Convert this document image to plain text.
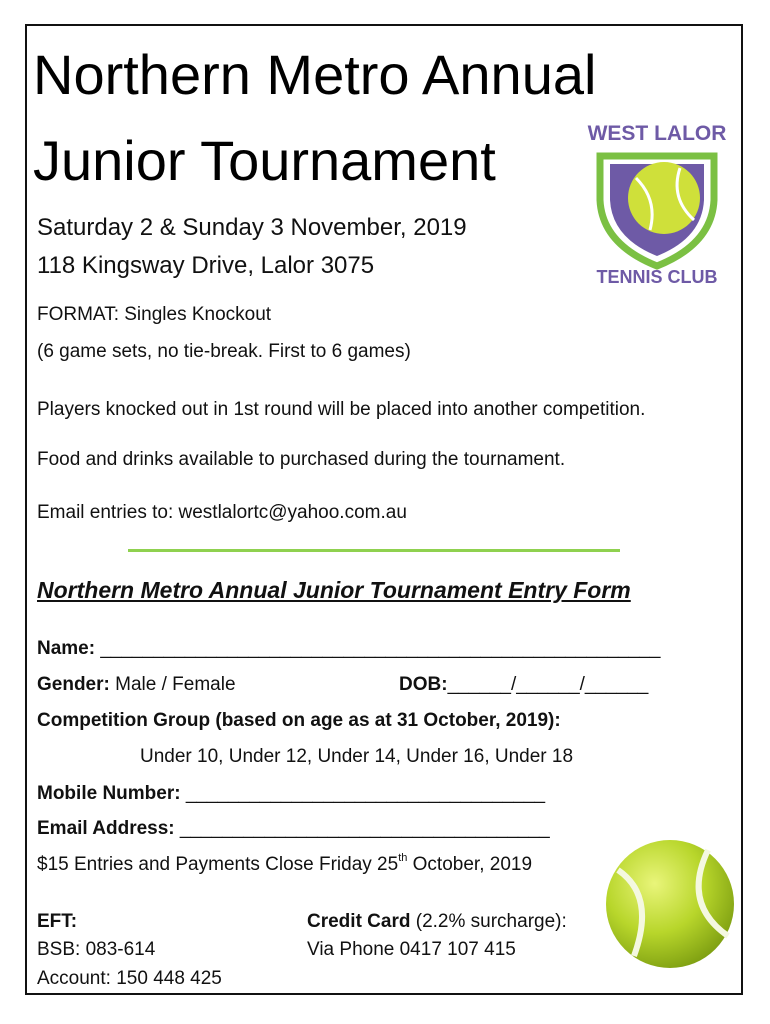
Northern Metro Annual
Junior Tournament
Saturday 2 & Sunday 3 November, 2019
118 Kingsway Drive, Lalor 3075
FORMAT: Singles Knockout
(6 game sets, no tie-break. First to 6 games)
Players knocked out in 1st round will be placed into another competition.
Food and drinks available to purchased during the tournament.
Email entries to: westlalortc@yahoo.com.au
WEST LALOR
TENNIS CLUB
Northern Metro Annual Junior Tournament Entry Form
Name: _____________________________________________________
Gender: Male / Female	DOB:______/______/______
Competition Group (based on age as at 31 October, 2019):
Under 10, Under 12, Under 14, Under 16, Under 18
Mobile Number: __________________________________
Email Address: ___________________________________
$15 Entries and Payments Close Friday 25th October, 2019
EFT:
BSB: 083-614
Account: 150 448 425
Credit Card (2.2% surcharge):
Via Phone 0417 107 415
